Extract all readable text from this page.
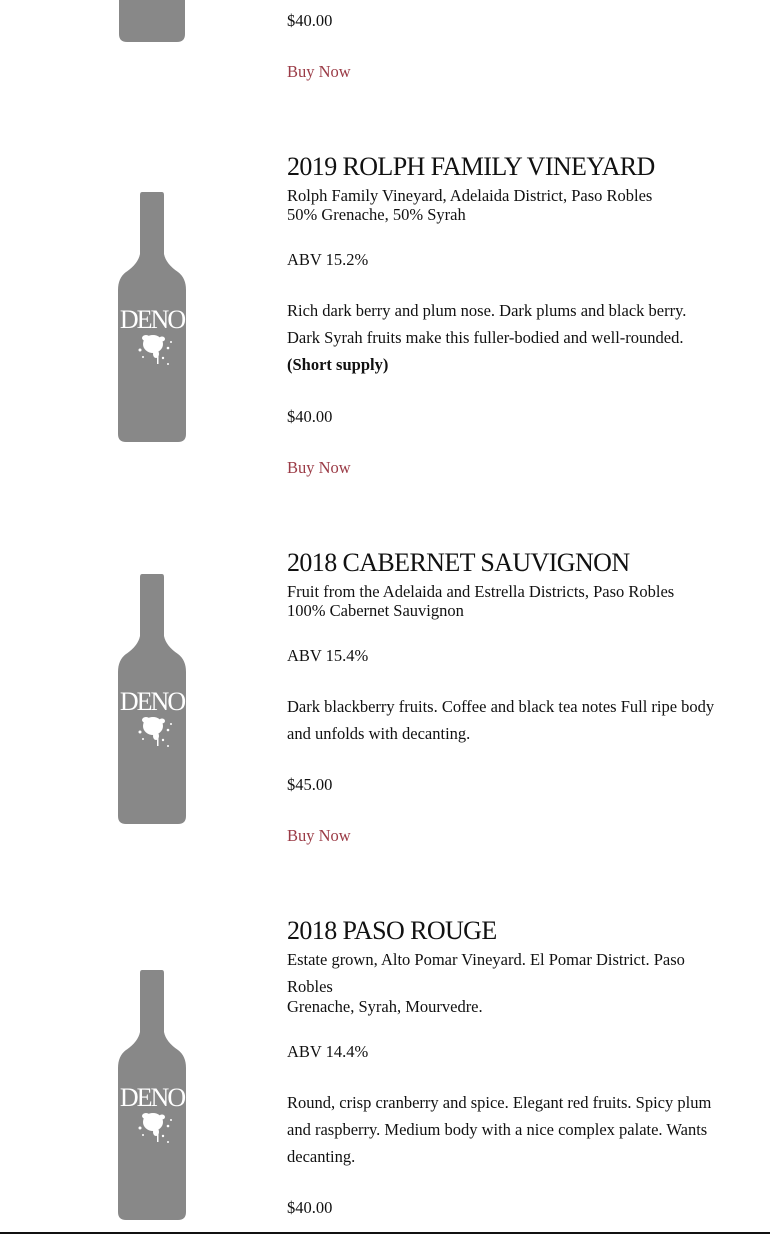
$40.00
Buy Now
DENO
2019 ROLPH FAMILY VINEYARD
Rolph Family Vineyard, Adelaida District, Paso Robles
50% Grenache, 50% Syrah
ABV 15.2%
Rich dark berry and plum nose. Dark plums and black berry. Dark Syrah fruits make this fuller-bodied and well-rounded.
(Short supply)
$40.00
Buy Now
DENO
2018 CABERNET SAUVIGNON
Fruit from the Adelaida and Estrella Districts, Paso Robles
100% Cabernet Sauvignon
ABV 15.4%
Dark blackberry fruits. Coffee and black tea notes Full ripe body and unfolds with decanting.
$45.00
Buy Now
DENO
2018 PASO ROUGE
Estate grown, Alto Pomar Vineyard. El Pomar District. Paso Robles
Grenache, Syrah, Mourvedre.
ABV 14.4%
Round, crisp cranberry and spice. Elegant red fruits. Spicy plum and raspberry. Medium body with a nice complex palate. Wants decanting.
$40.00
